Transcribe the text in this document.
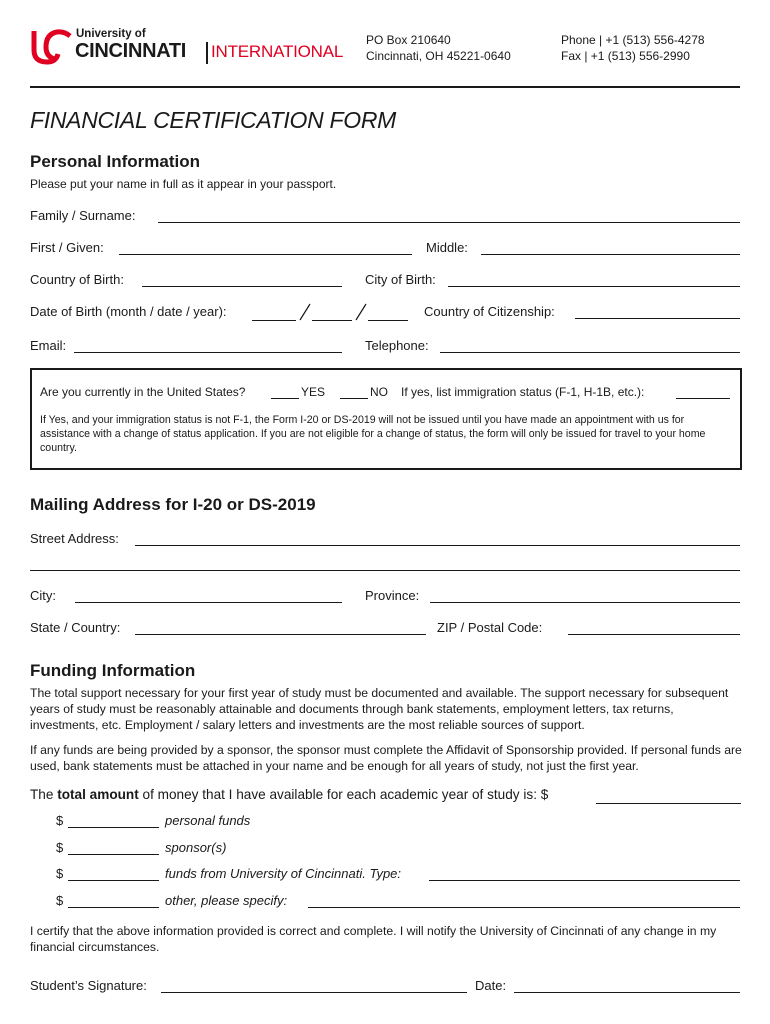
University of
CINCINNATI INTERNATIONAL
PO Box 210640
Cincinnati, OH 45221-0640
Phone | +1 (513) 556-4278
Fax | +1 (513) 556-2990
FINANCIAL CERTIFICATION FORM
Personal Information
Please put your name in full as it appear in your passport.
Family / Surname:
First / Given:	Middle:
Country of Birth:	City of Birth:
Date of Birth (month / date / year):	Country of Citizenship:
Email:	Telephone:
Are you currently in the United States?	YES	NO If yes, list immigration status (F-1, H-1B, etc.):
If Yes, and your immigration status is not F-1, the Form I-20 or DS-2019 will not be issued until you have made an appointment with us for assistance with a change of status application. If you are not eligible for a change of status, the form will only be issued for travel to your home country.
Mailing Address for I-20 or DS-2019
Street Address:
City:	Province:
State / Country:	ZIP / Postal Code:
Funding Information
The total support necessary for your first year of study must be documented and available. The support necessary for subsequent years of study must be reasonably attainable and documents through bank statements, employment letters, tax returns, investments, etc. Employment / salary letters and investments are the most reliable sources of support.
If any funds are being provided by a sponsor, the sponsor must complete the Affidavit of Sponsorship provided. If personal funds are used, bank statements must be attached in your name and be enough for all years of study, not just the first year.
The total amount of money that I have available for each academic year of study is: $
$	personal funds
$	sponsor(s)
$	funds from University of Cincinnati. Type:
$	other, please specify:
I certify that the above information provided is correct and complete. I will notify the University of Cincinnati of any change in my financial circumstances.
Student’s Signature:	Date:
